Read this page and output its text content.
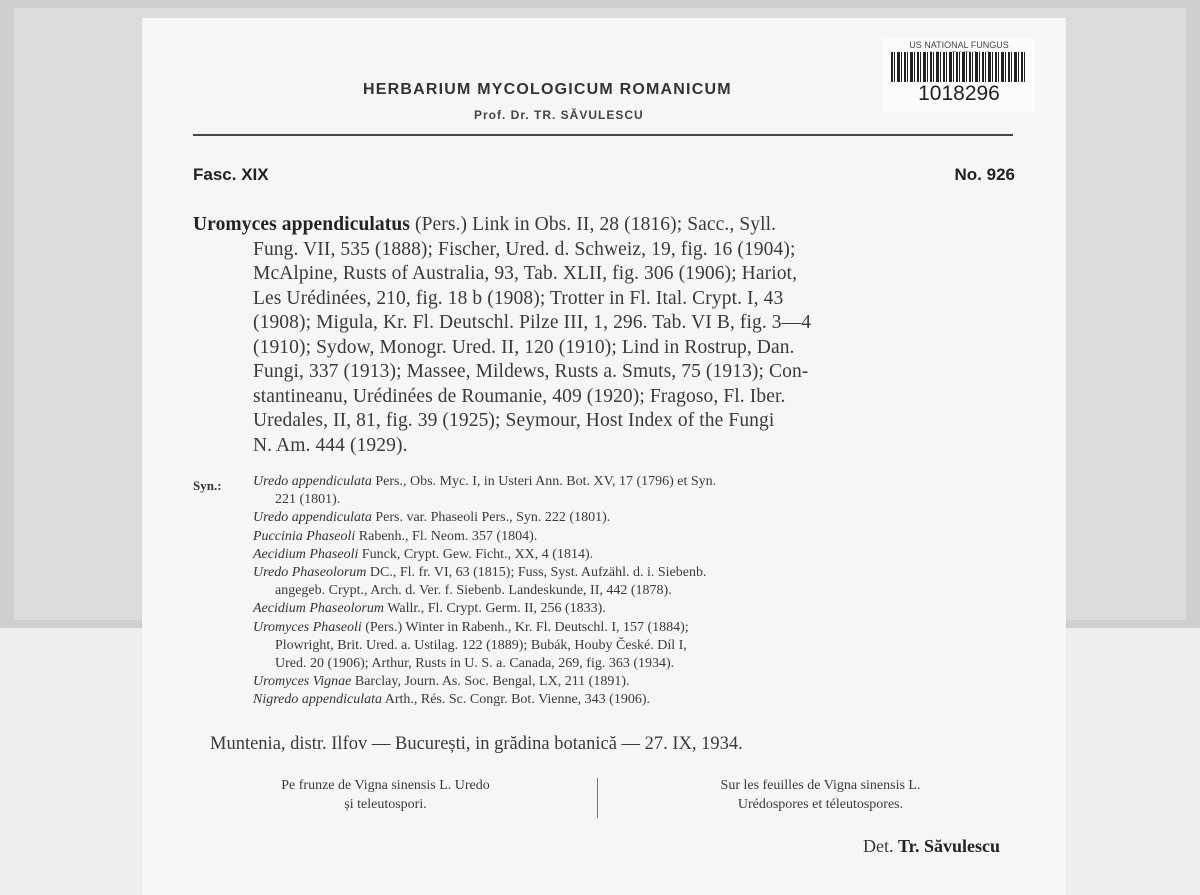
US NATIONAL FUNGUS
1018296
HERBARIUM MYCOLOGICUM ROMANICUM
Prof. Dr. TR. SĂVULESCU
Fasc. XIX	No. 926
Uromyces appendiculatus (Pers.) Link in Obs. II, 28 (1816); Sacc., Syll.
Fung. VII, 535 (1888); Fischer, Ured. d. Schweiz, 19, fig. 16 (1904);
McAlpine, Rusts of Australia, 93, Tab. XLII, fig. 306 (1906); Hariot,
Les Urédinées, 210, fig. 18 b (1908); Trotter in Fl. Ital. Crypt. I, 43
(1908); Migula, Kr. Fl. Deutschl. Pilze III, 1, 296. Tab. VI B, fig. 3—4
(1910); Sydow, Monogr. Ured. II, 120 (1910); Lind in Rostrup, Dan.
Fungi, 337 (1913); Massee, Mildews, Rusts a. Smuts, 75 (1913); Con-
stantineanu, Urédinées de Roumanie, 409 (1920); Fragoso, Fl. Iber.
Uredales, II, 81, fig. 39 (1925); Seymour, Host Index of the Fungi
N. Am. 444 (1929).
Syn.: Uredo appendiculata Pers., Obs. Myc. I, in Usteri Ann. Bot. XV, 17 (1796) et Syn.
221 (1801).
Uredo appendiculata Pers. var. Phaseoli Pers., Syn. 222 (1801).
Puccinia Phaseoli Rabenh., Fl. Neom. 357 (1804).
Aecidium Phaseoli Funck, Crypt. Gew. Ficht., XX, 4 (1814).
Uredo Phaseolorum DC., Fl. fr. VI, 63 (1815); Fuss, Syst. Aufzähl. d. i. Siebenb.
angegeb. Crypt., Arch. d. Ver. f. Siebenb. Landeskunde, II, 442 (1878).
Aecidium Phaseolorum Wallr., Fl. Crypt. Germ. II, 256 (1833).
Uromyces Phaseoli (Pers.) Winter in Rabenh., Kr. Fl. Deutschl. I, 157 (1884);
Plowright, Brit. Ured. a. Ustilag. 122 (1889); Bubák, Houby České. Díl I,
Ured. 20 (1906); Arthur, Rusts in U. S. a. Canada, 269, fig. 363 (1934).
Uromyces Vignae Barclay, Journ. As. Soc. Bengal, LX, 211 (1891).
Nigredo appendiculata Arth., Rés. Sc. Congr. Bot. Vienne, 343 (1906).
Muntenia, distr. Ilfov — București, in grădina botanică — 27. IX, 1934.
Pe frunze de Vigna sinensis L. Uredo
și teleutospori.
Sur les feuilles de Vigna sinensis L.
Urédospores et téleutospores.
Det. Tr. Săvulescu
